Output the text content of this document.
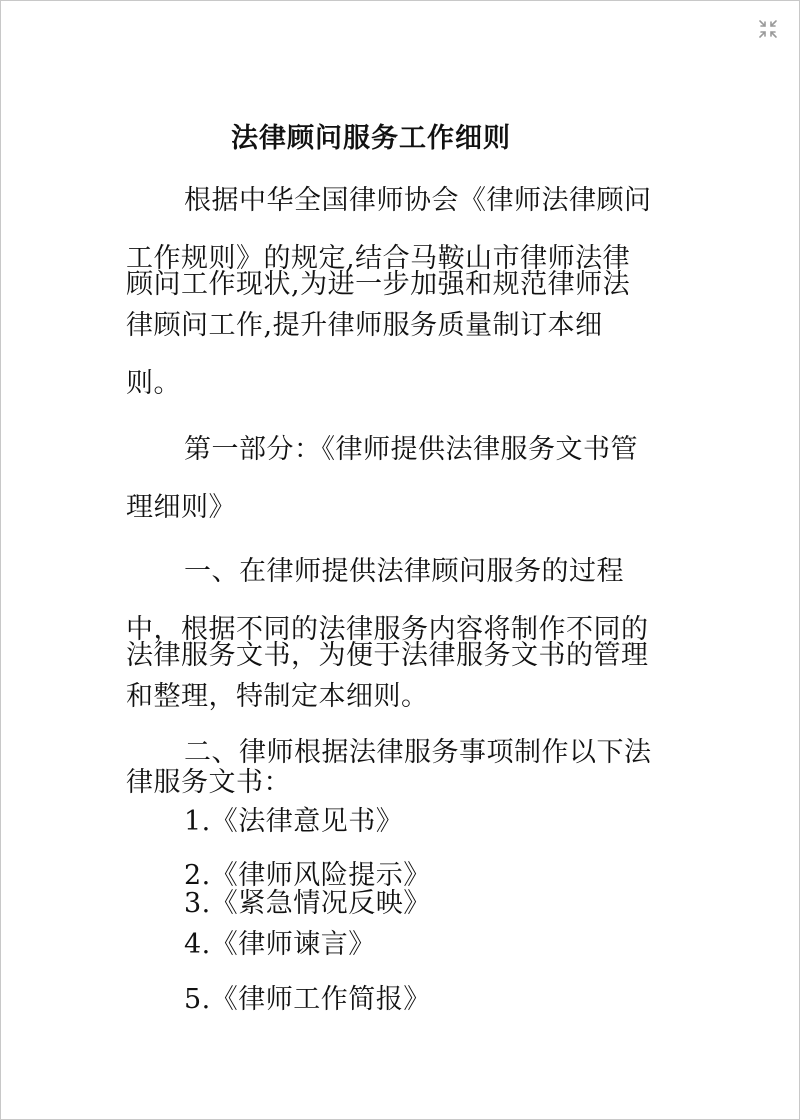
法律顾问服务工作细则
根据中华全国律师协会《律师法律顾问
工作规则》的规定,结合马鞍山市律师法律
顾问工作现状,为进一步加强和规范律师法
律顾问工作,提升律师服务质量制订本细
则。
第一部分：《律师提供法律服务文书管
理细则》
一、在律师提供法律顾问服务的过程
中，根据不同的法律服务内容将制作不同的
法律服务文书，为便于法律服务文书的管理
和整理，特制定本细则。
二、律师根据法律服务事项制作以下法
律服务文书：
1.《法律意见书》
2.《律师风险提示》
3.《紧急情况反映》
4.《律师谏言》
5.《律师工作简报》
